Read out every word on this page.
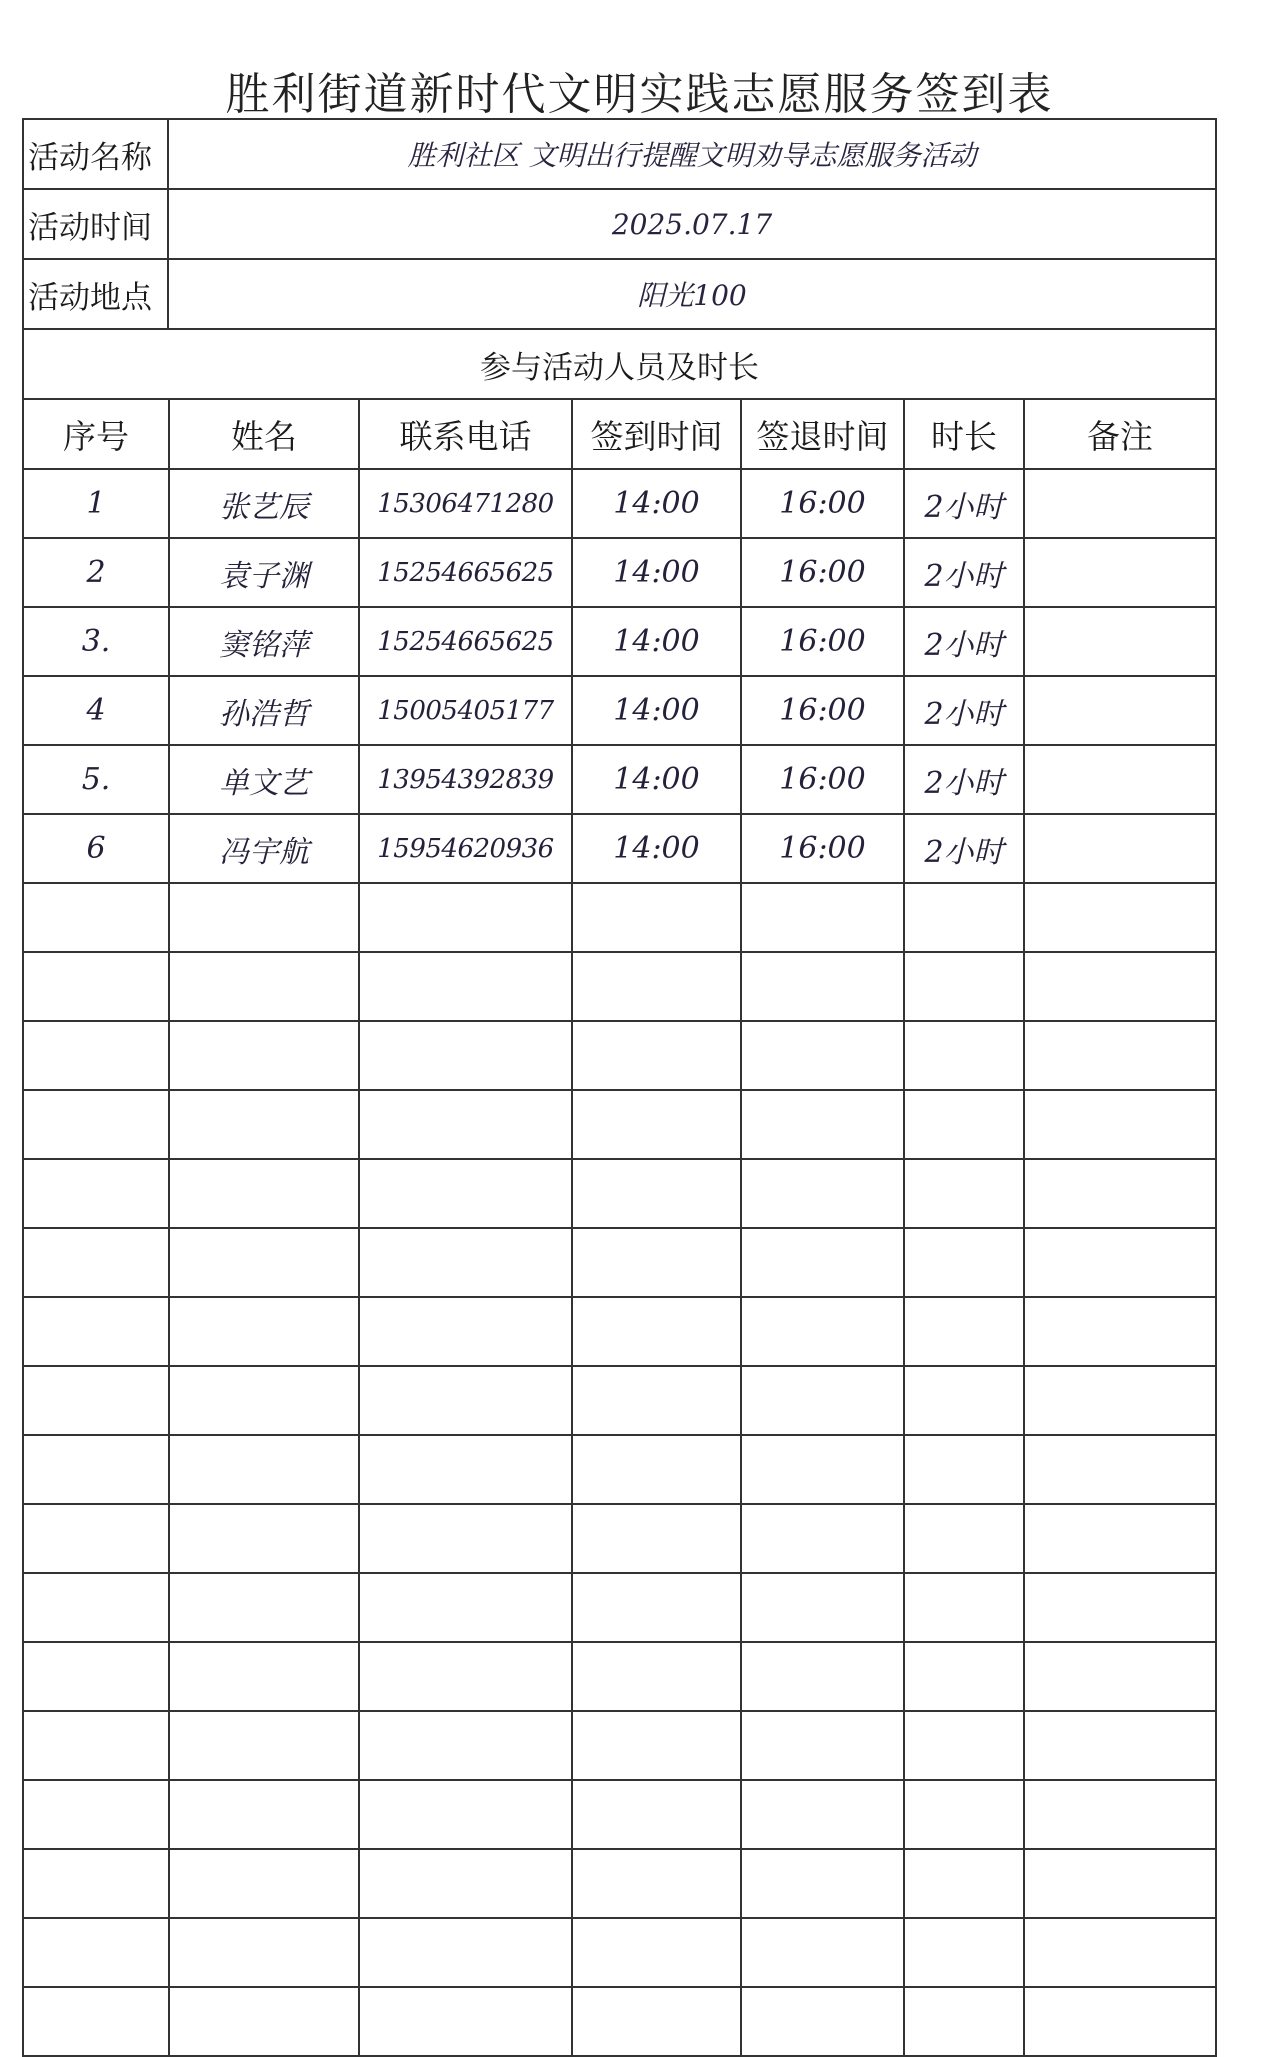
胜利街道新时代文明实践志愿服务签到表
活动名称	胜利社区 文明出行提醒文明劝导志愿服务活动
活动时间	2025.07.17
活动地点	阳光100
参与活动人员及时长
序号	姓名	联系电话	签到时间	签退时间	时长	备注
1	张艺辰	15306471280	14:00	16:00	2小时	
2	袁子渊	15254665625	14:00	16:00	2小时	
3.	窦铭萍	15254665625	14:00	16:00	2小时	
4	孙浩哲	15005405177	14:00	16:00	2小时	
5.	单文艺	13954392839	14:00	16:00	2小时	
6	冯宇航	15954620936	14:00	16:00	2小时	
